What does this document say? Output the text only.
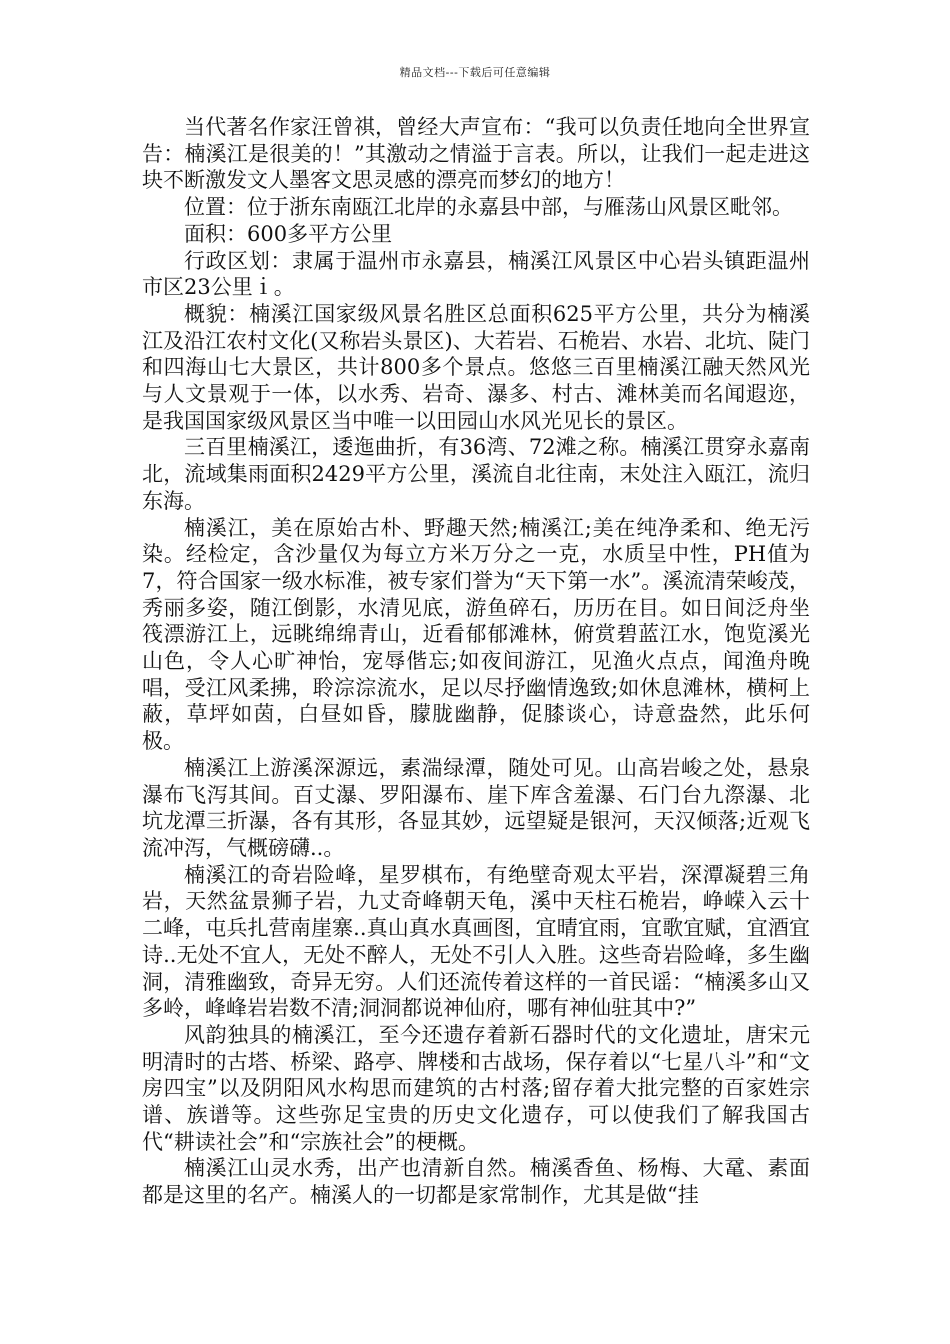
精品文档---下载后可任意编辑

当代著名作家汪曾祺，曾经大声宣布：“我可以负责任地向全世界宣告：楠溪江是很美的！”其激动之情溢于言表。所以，让我们一起走进这块不断激发文人墨客文思灵感的漂亮而梦幻的地方！

位置：位于浙东南瓯江北岸的永嘉县中部，与雁荡山风景区毗邻。

面积：600多平方公里

行政区划：隶属于温州市永嘉县，楠溪江风景区中心岩头镇距温州市区23公里ｉ。

概貌：楠溪江国家级风景名胜区总面积625平方公里，共分为楠溪江及沿江农村文化(又称岩头景区)、大若岩、石桅岩、水岩、北坑、陡门和四海山七大景区，共计800多个景点。悠悠三百里楠溪江融天然风光与人文景观于一体，以水秀、岩奇、瀑多、村古、滩林美而名闻遐迩，是我国国家级风景区当中唯一以田园山水风光见长的景区。

三百里楠溪江，逶迤曲折，有36湾、72滩之称。楠溪江贯穿永嘉南北，流域集雨面积2429平方公里，溪流自北往南，末处注入瓯江，流归东海。

楠溪江，美在原始古朴、野趣天然;楠溪江;美在纯净柔和、绝无污染。经检定，含沙量仅为每立方米万分之一克，水质呈中性，PH值为7，符合国家一级水标准，被专家们誉为“天下第一水”。溪流清荣峻茂，秀丽多姿，随江倒影，水清见底，游鱼碎石，历历在目。如日间泛舟坐筏漂游江上，远眺绵绵青山，近看郁郁滩林，俯赏碧蓝江水，饱览溪光山色，令人心旷神怡，宠辱偕忘;如夜间游江，见渔火点点，闻渔舟晚唱，受江风柔拂，聆淙淙流水，足以尽抒幽情逸致;如休息滩林，横柯上蔽，草坪如茵，白昼如昏，朦胧幽静，促膝谈心，诗意盎然，此乐何极。

楠溪江上游溪深源远，素湍绿潭，随处可见。山高岩峻之处，悬泉瀑布飞泻其间。百丈瀑、罗阳瀑布、崖下库含羞瀑、石门台九漈瀑、北坑龙潭三折瀑，各有其形，各显其妙，远望疑是银河，天汉倾落;近观飞流冲泻，气概磅礴..。

楠溪江的奇岩险峰，星罗棋布，有绝壁奇观太平岩，深潭凝碧三角岩，天然盆景狮子岩，九丈奇峰朝天龟，溪中天柱石桅岩，峥嵘入云十二峰，屯兵扎营南崖寨..真山真水真画图，宜晴宜雨，宜歌宜赋，宜酒宜诗..无处不宜人，无处不醉人，无处不引人入胜。这些奇岩险峰，多生幽洞，清雅幽致，奇异无穷。人们还流传着这样的一首民谣：“楠溪多山又多岭，峰峰岩岩数不清;洞洞都说神仙府，哪有神仙驻其中?”

风韵独具的楠溪江，至今还遗存着新石器时代的文化遗址，唐宋元明清时的古塔、桥梁、路亭、牌楼和古战场，保存着以“七星八斗”和“文房四宝”以及阴阳风水构思而建筑的古村落;留存着大批完整的百家姓宗谱、族谱等。这些弥足宝贵的历史文化遗存，可以使我们了解我国古代“耕读社会”和“宗族社会”的梗概。

楠溪江山灵水秀，出产也清新自然。楠溪香鱼、杨梅、大鼋、素面都是这里的名产。楠溪人的一切都是家常制作，尤其是做“挂
